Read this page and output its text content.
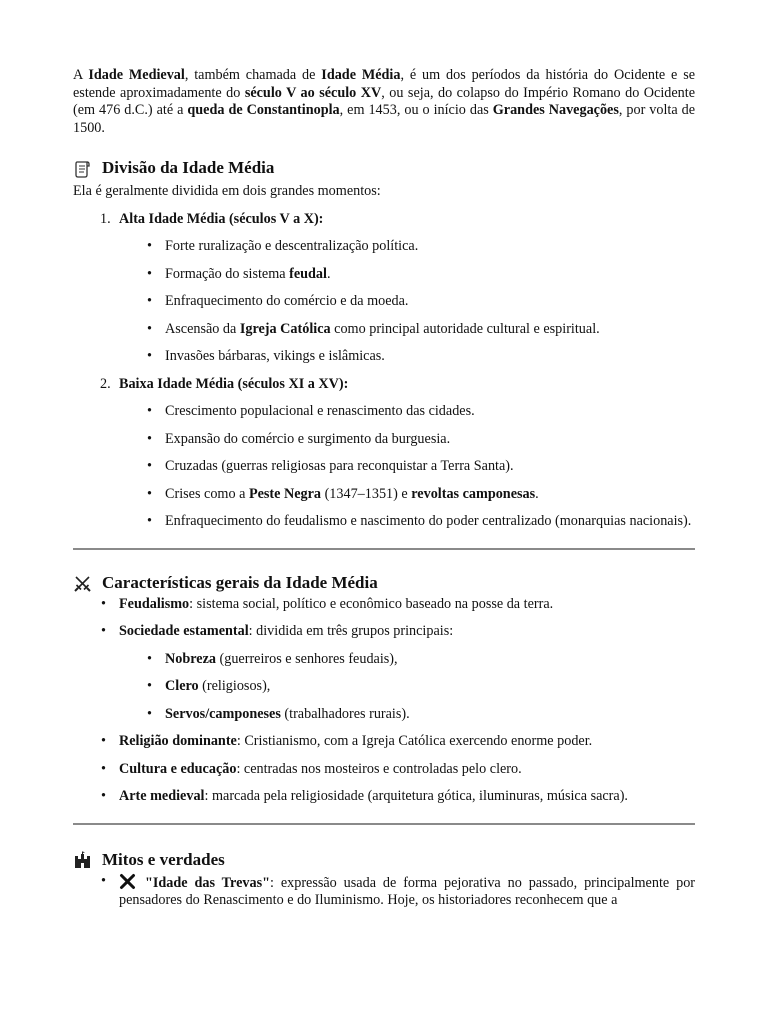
A Idade Medieval, também chamada de Idade Média, é um dos períodos da história do Ocidente e se estende aproximadamente do século V ao século XV, ou seja, do colapso do Império Romano do Ocidente (em 476 d.C.) até a queda de Constantinopla, em 1453, ou o início das Grandes Navegações, por volta de 1500.

Divisão da Idade Média

Ela é geralmente dividida em dois grandes momentos:

1. Alta Idade Média (séculos V a X):
• Forte ruralização e descentralização política.
• Formação do sistema feudal.
• Enfraquecimento do comércio e da moeda.
• Ascensão da Igreja Católica como principal autoridade cultural e espiritual.
• Invasões bárbaras, vikings e islâmicas.
2. Baixa Idade Média (séculos XI a XV):
• Crescimento populacional e renascimento das cidades.
• Expansão do comércio e surgimento da burguesia.
• Cruzadas (guerras religiosas para reconquistar a Terra Santa).
• Crises como a Peste Negra (1347–1351) e revoltas camponesas.
• Enfraquecimento do feudalismo e nascimento do poder centralizado (monarquias nacionais).
Características gerais da Idade Média
• Feudalismo: sistema social, político e econômico baseado na posse da terra.
• Sociedade estamental: dividida em três grupos principais:
• Nobreza (guerreiros e senhores feudais),
• Clero (religiosos),
• Servos/camponeses (trabalhadores rurais).
• Religião dominante: Cristianismo, com a Igreja Católica exercendo enorme poder.
• Cultura e educação: centradas nos mosteiros e controladas pelo clero.
• Arte medieval: marcada pela religiosidade (arquitetura gótica, iluminuras, música sacra).
Mitos e verdades
• "Idade das Trevas": expressão usada de forma pejorativa no passado, principalmente por pensadores do Renascimento e do Iluminismo. Hoje, os historiadores reconhecem que a
